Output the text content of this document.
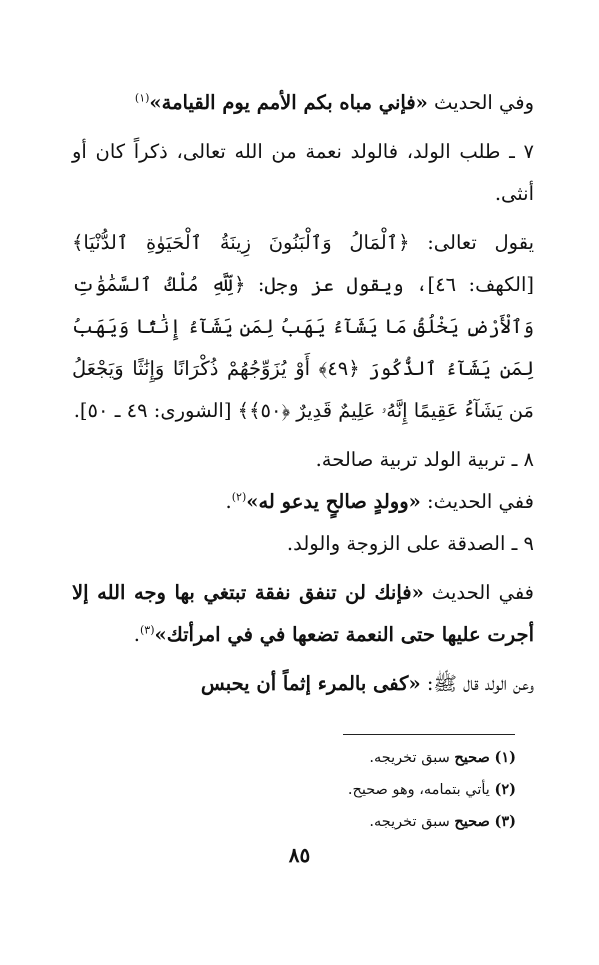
وفي الحديث «فإني مباه بكم الأمم يوم القيامة»$^{(١)}$

٧ ـ طلب الولد، فالولد نعمة من الله تعالى، ذكراً كان أو أنثى.

يقول تعالى: ﴿ٱلْمَالُ وَٱلْبَنُونَ زِينَةُ ٱلْحَيَوٰةِ ٱلدُّنْيَا﴾ [الكهف: ٤٦]، ويقول عز وجل: ﴿لِّلَّهِ مُلْكُ ٱلسَّمَٰوَٰتِ وَٱلْأَرْضِ يَخْلُقُ مَا يَشَآءُ يَهَبُ لِمَن يَشَآءُ إِنَٰثًا وَيَهَبُ لِمَن يَشَآءُ ٱلذُّكُورَ ﴿٤٩﴾ أَوْ يُزَوِّجُهُمْ ذُكْرَانًا وَإِنَٰثًا وَيَجْعَلُ مَن يَشَآءُ عَقِيمًا إِنَّهُۥ عَلِيمٌ قَدِيرٌ ﴿٥٠﴾﴾ [الشورى: ٤٩ ـ ٥٠].

٨ ـ تربية الولد تربية صالحة.

ففي الحديث: «وولدٍ صالحٍ يدعو له»$^{(٢)}$.

٩ ـ الصدقة على الزوجة والولد.

ففي الحديث «فإنك لن تنفق نفقة تبتغي بها وجه الله إلا أجرت عليها حتى النعمة تضعها في في امرأتك»$^{(٣)}$.

وعن الولد قال ﷺ: «كفى بالمرء إثماً أن يحبس

(١) صحيح سبق تخريجه.
(٢) يأتي بتمامه، وهو صحيح.
(٣) صحيح سبق تخريجه.
٨٥
